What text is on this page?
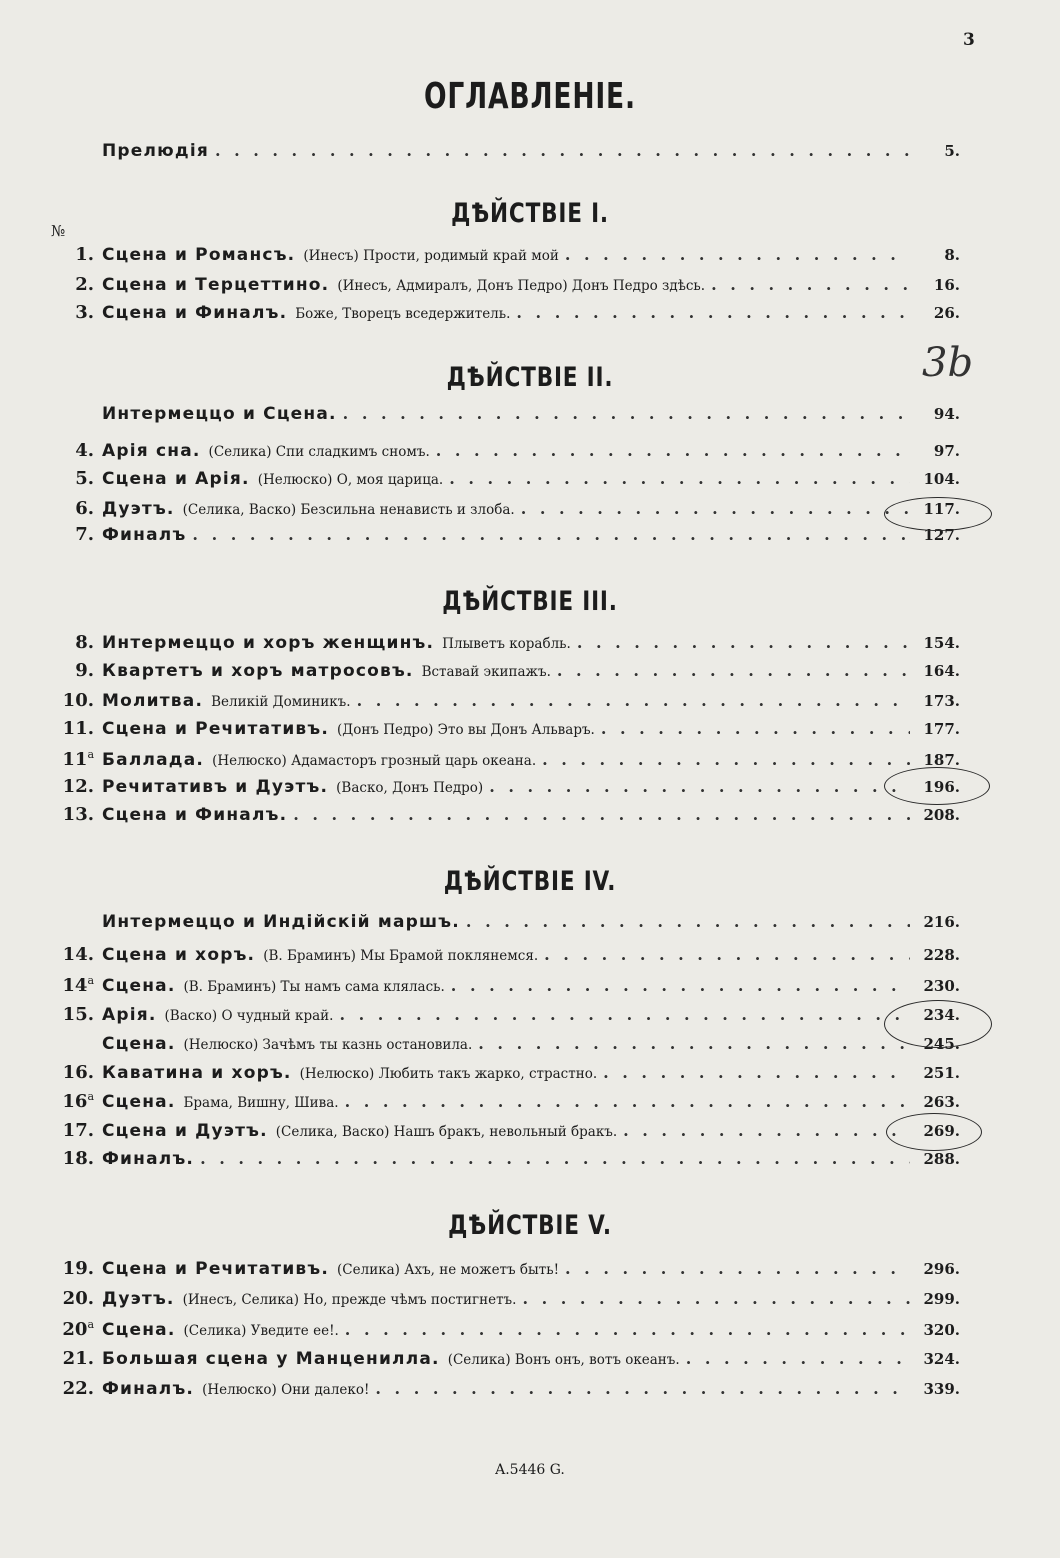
3
ОГЛАВЛЕНІЕ.
Прелюдія . . .	5.
ДѢЙСТВІЕ I.
№
1. Сцена и Романсъ. (Инесъ) Прости, родимый край мой . . .	8.
2. Сцена и Терцеттино. (Инесъ, Адмиралъ, Донъ Педро) Донъ Педро здѣсь. . . .	16.
3. Сцена и Финалъ. Боже, Творецъ вседержитель. . . .	26.
Интермеццо и Сцена. . . .	94.
4. Арія сна. (Селика) Спи сладкимъ сномъ. . . .	97.
5. Сцена и Арія. (Нелюско) О, моя царица. . . .	104.
6. Дуэтъ. (Селика, Васко) Безсильна ненависть и злоба. . . .	117.
7. Финалъ . . .	127.
8. Интермеццо и хоръ женщинъ. Плыветъ корабль. . . .	154.
9. Квартетъ и хоръ матросовъ. Вставай экипажъ. . . .	164.
10. Молитва. Великій Доминикъ. . . .	173.
11. Сцена и Речитативъ. (Донъ Педро) Это вы Донъ Альваръ. . . .	177.
11$^a$ Баллада. (Нелюско) Адамасторъ грозный царь океана. . . .	187.
12. Речитативъ и Дуэтъ. (Васко, Донъ Педро) . . .	196.
13. Сцена и Финалъ. . . .	208.
Интермеццо и Индійскій маршъ. . . .	216.
14. Сцена и хоръ. (В. Браминъ) Мы Брамой поклянемся. . . .	228.
14$^a$ Сцена. (В. Браминъ) Ты намъ сама клялась. . . .	230.
15. Арія. (Васко) О чудный край. . . .	234.
Сцена. (Нелюско) Зачѣмъ ты казнь остановила. . . .	245.
16. Каватина и хоръ. (Нелюско) Любить такъ жарко, страстно. . . .	251.
16$^a$ Сцена. Брама, Вишну, Шива. . . .	263.
17. Сцена и Дуэтъ. (Селика, Васко) Нашъ бракъ, невольный бракъ. . . .	269.
18. Финалъ. . . .	288.
19. Сцена и Речитативъ. (Селика) Ахъ, не можетъ быть! . . .	296.
20. Дуэтъ. (Инесъ, Селика) Но, прежде чѣмъ постигнетъ. . . .	299.
20$^a$ Сцена. (Селика) Уведите ее!. . . .	320.
21. Большая сцена у Манценилла. (Селика) Вонъ онъ, вотъ океанъ. . . .	324.
22. Финалъ. (Нелюско) Они далеко! . . .	339.
ДѢЙСТВІЕ II.
ДѢЙСТВІЕ III.
ДѢЙСТВІЕ IV.
ДѢЙСТВІЕ V.
3b
A.5446 G.
